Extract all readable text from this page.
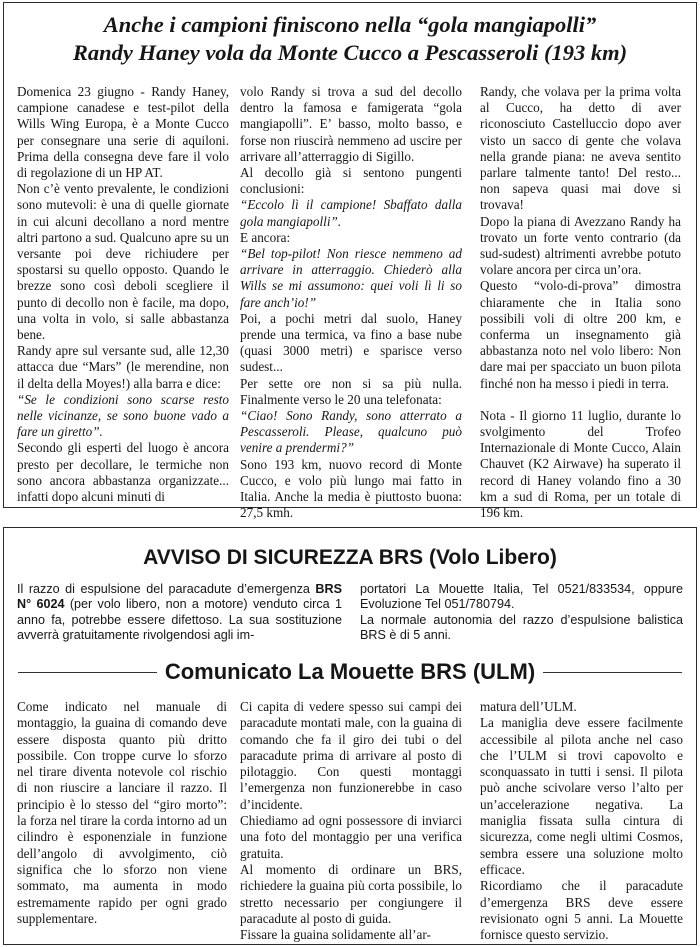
Anche i campioni finiscono nella “gola mangiapolli”
Randy Haney vola da Monte Cucco a Pescasseroli (193 km)

Domenica 23 giugno - Randy Haney, campione canadese e test-pilot della Wills Wing Europa, è a Monte Cucco per consegnare una serie di aquiloni. Prima della consegna deve fare il volo di regolazione di un HP AT.

Non c’è vento prevalente, le condizioni sono mutevoli: è una di quelle giornate in cui alcuni decollano a nord mentre altri partono a sud. Qualcuno apre su un versante poi deve richiudere per spostarsi su quello opposto. Quando le brezze sono così deboli scegliere il punto di decollo non è facile, ma dopo, una volta in volo, si salle abbastanza bene.

Randy apre sul versante sud, alle 12,30 attacca due “Mars” (le merendine, non il delta della Moyes!) alla barra e dice:

“Se le condizioni sono scarse resto nelle vicinanze, se sono buone vado a fare un giretto”.

Secondo gli esperti del luogo è ancora presto per decollare, le termiche non sono ancora abbastanza organizzate... infatti dopo alcuni minuti di

volo Randy si trova a sud del decollo dentro la famosa e famigerata “gola mangiapolli”. E’ basso, molto basso, e forse non riuscirà nemmeno ad uscire per arrivare all’atterraggio di Sigillo.

Al decollo già si sentono pungenti conclusioni:

“Eccolo lì il campione! Sbaffato dalla gola mangiapolli”.

E ancora:

“Bel top-pilot! Non riesce nemmeno ad arrivare in atterraggio. Chiederò alla Wills se mi assumono: quei voli lì li so fare anch’io!”

Poi, a pochi metri dal suolo, Haney prende una termica, va fino a base nube (quasi 3000 metri) e sparisce verso sudest...

Per sette ore non si sa più nulla. Finalmente verso le 20 una telefonata:

“Ciao! Sono Randy, sono atterrato a Pescasseroli. Please, qualcuno può venire a prendermi?”

Sono 193 km, nuovo record di Monte Cucco, e volo più lungo mai fatto in Italia. Anche la media è piuttosto buona: 27,5 kmh.

Randy, che volava per la prima volta al Cucco, ha detto di aver riconosciuto Castelluccio dopo aver visto un sacco di gente che volava nella grande piana: ne aveva sentito parlare talmente tanto! Del resto... non sapeva quasi mai dove si trovava!

Dopo la piana di Avezzano Randy ha trovato un forte vento contrario (da sud-sudest) altrimenti avrebbe potuto volare ancora per circa un’ora.

Questo “volo-di-prova” dimostra chiaramente che in Italia sono possibili voli di oltre 200 km, e conferma un insegnamento già abbastanza noto nel volo libero: Non dare mai per spacciato un buon pilota finché non ha messo i piedi in terra.

Nota - Il giorno 11 luglio, durante lo svolgimento del Trofeo Internazionale di Monte Cucco, Alain Chauvet (K2 Airwave) ha superato il record di Haney volando fino a 30 km a sud di Roma, per un totale di 196 km.

AVVISO DI SICUREZZA BRS (Volo Libero)

Il razzo di espulsione del paracadute d’emergenza BRS N° 6024 (per volo libero, non a motore) venduto circa 1 anno fa, potrebbe essere difettoso. La sua sostituzione avverrà gratuitamente rivolgendosi agli im-

portatori La Mouette Italia, Tel 0521/833534, oppure Evoluzione Tel 051/780794.

La normale autonomia del razzo d’espulsione balistica BRS è di 5 anni.

Comunicato La Mouette BRS (ULM)

Come indicato nel manuale di montaggio, la guaina di comando deve essere disposta quanto più dritto possibile. Con troppe curve lo sforzo nel tirare diventa notevole col rischio di non riuscire a lanciare il razzo. Il principio è lo stesso del “giro morto”: la forza nel tirare la corda intorno ad un cilindro è esponenziale in funzione dell’angolo di avvolgimento, ciò significa che lo sforzo non viene sommato, ma aumenta in modo estremamente rapido per ogni grado supplementare.

Ci capita di vedere spesso sui campi dei paracadute montati male, con la guaina di comando che fa il giro dei tubi o del paracadute prima di arrivare al posto di pilotaggio. Con questi montaggi l’emergenza non funzionerebbe in caso d’incidente.

Chiediamo ad ogni possessore di inviarci una foto del montaggio per una verifica gratuita.

Al momento di ordinare un BRS, richiedere la guaina più corta possibile, lo stretto necessario per congiungere il paracadute al posto di guida.

Fissare la guaina solidamente all’ar-

matura dell’ULM.

La maniglia deve essere facilmente accessibile al pilota anche nel caso che l’ULM si trovi capovolto e sconquassato in tutti i sensi. Il pilota può anche scivolare verso l’alto per un’accelerazione negativa. La maniglia fissata sulla cintura di sicurezza, come negli ultimi Cosmos, sembra essere una soluzione molto efficace.

Ricordiamo che il paracadute d’emergenza BRS deve essere revisionato ogni 5 anni. La Mouette fornisce questo servizio.
